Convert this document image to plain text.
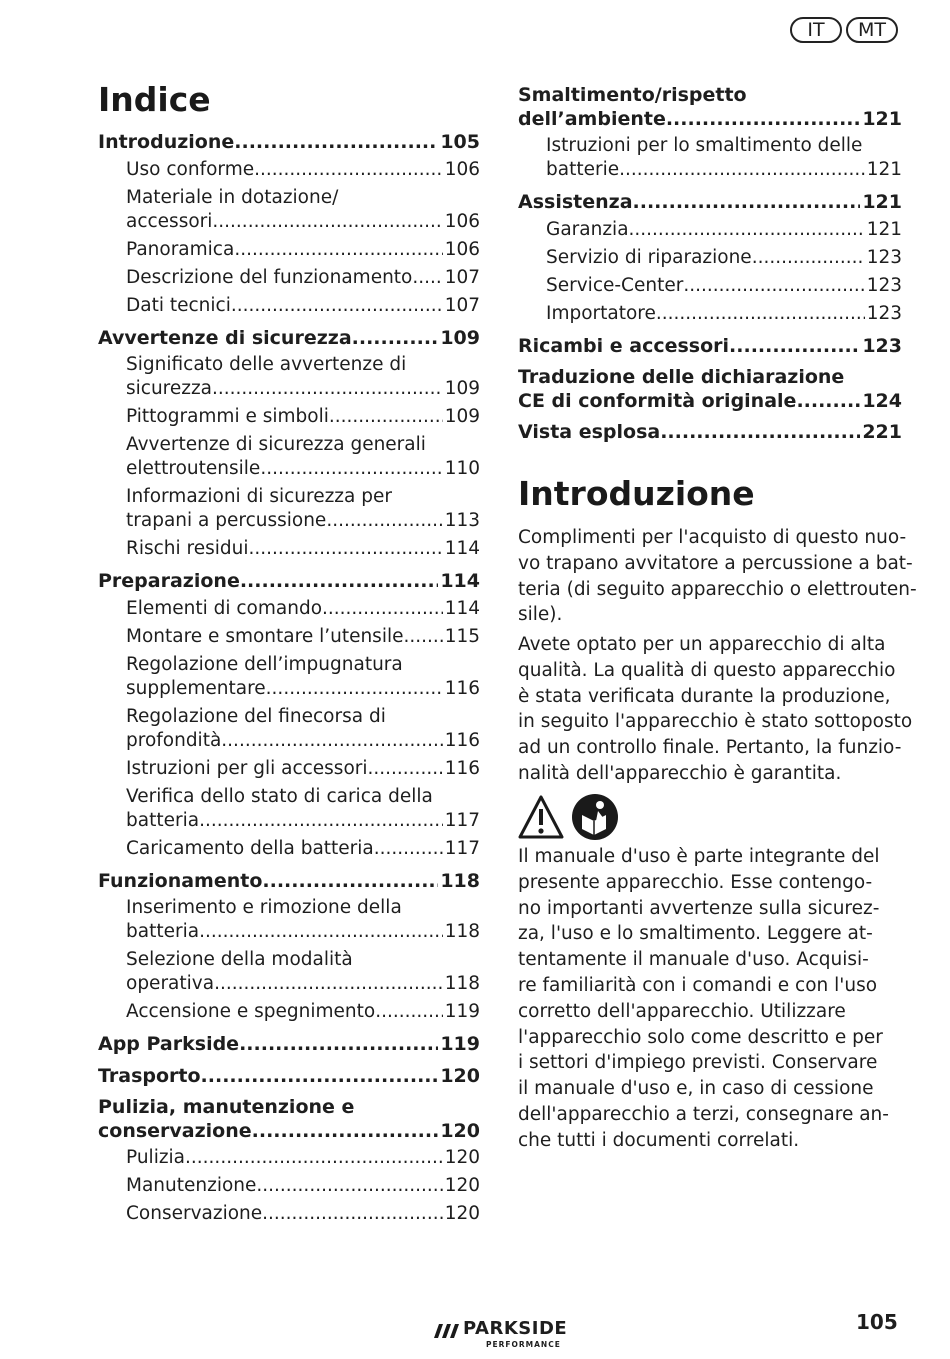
IT	MT
Indice
Introduzione .....	105
Uso conforme .....	106
Materiale in dotazione/
accessori .....	106
Panoramica .....	106
Descrizione del funzionamento ..... 107
Dati tecnici .....	107
Avvertenze di sicurezza .....	109
Significato delle avvertenze di
sicurezza .....	109
Pittogrammi e simboli .....	109
Avvertenze di sicurezza generali
elettroutensile .....	110
Informazioni di sicurezza per
trapani a percussione .....	113
Rischi residui .....	114
Preparazione .....	114
Elementi di comando .....	114
Montare e smontare l’utensile ..... 115
Regolazione dell’impugnatura
supplementare .....	116
Regolazione del finecorsa di
profondità .....	116
Istruzioni per gli accessori .....	116
Verifica dello stato di carica della
batteria .....	117
Caricamento della batteria .....	117
Funzionamento .....	118
Inserimento e rimozione della
batteria .....	118
Selezione della modalità
operativa .....	118
Accensione e spegnimento .....	119
App Parkside .....	119
Trasporto .....	120
Pulizia, manutenzione e
conservazione .....	120
Pulizia .....	120
Manutenzione .....	120
Conservazione .....	120
Smaltimento/rispetto
dell’ambiente .....	121
Istruzioni per lo smaltimento delle
batterie .....	121
Assistenza .....	121
Garanzia .....	121
Servizio di riparazione .....	123
Service-Center .....	123
Importatore .....	123
Ricambi e accessori .....	123
Traduzione delle dichiarazione
CE di conformità originale .....	124
Vista esplosa .....	221
Introduzione
Complimenti per l'acquisto di questo nuo-
vo trapano avvitatore a percussione a bat-
teria (di seguito apparecchio o elettrouten-
sile).
Avete optato per un apparecchio di alta
qualità. La qualità di questo apparecchio
è stata verificata durante la produzione,
in seguito l'apparecchio è stato sottoposto
ad un controllo finale. Pertanto, la funzio-
nalità dell'apparecchio è garantita.
Il manuale d'uso è parte integrante del
presente apparecchio. Esse contengo-
no importanti avvertenze sulla sicurez-
za, l'uso e lo smaltimento. Leggere at-
tentamente il manuale d'uso. Acquisi-
re familiarità con i comandi e con l'uso
corretto dell'apparecchio. Utilizzare
l'apparecchio solo come descritto e per
i settori d'impiego previsti. Conservare
il manuale d'uso e, in caso di cessione
dell'apparecchio a terzi, consegnare an-
che tutti i documenti correlati.
PARKSIDE
PERFORMANCE
105
